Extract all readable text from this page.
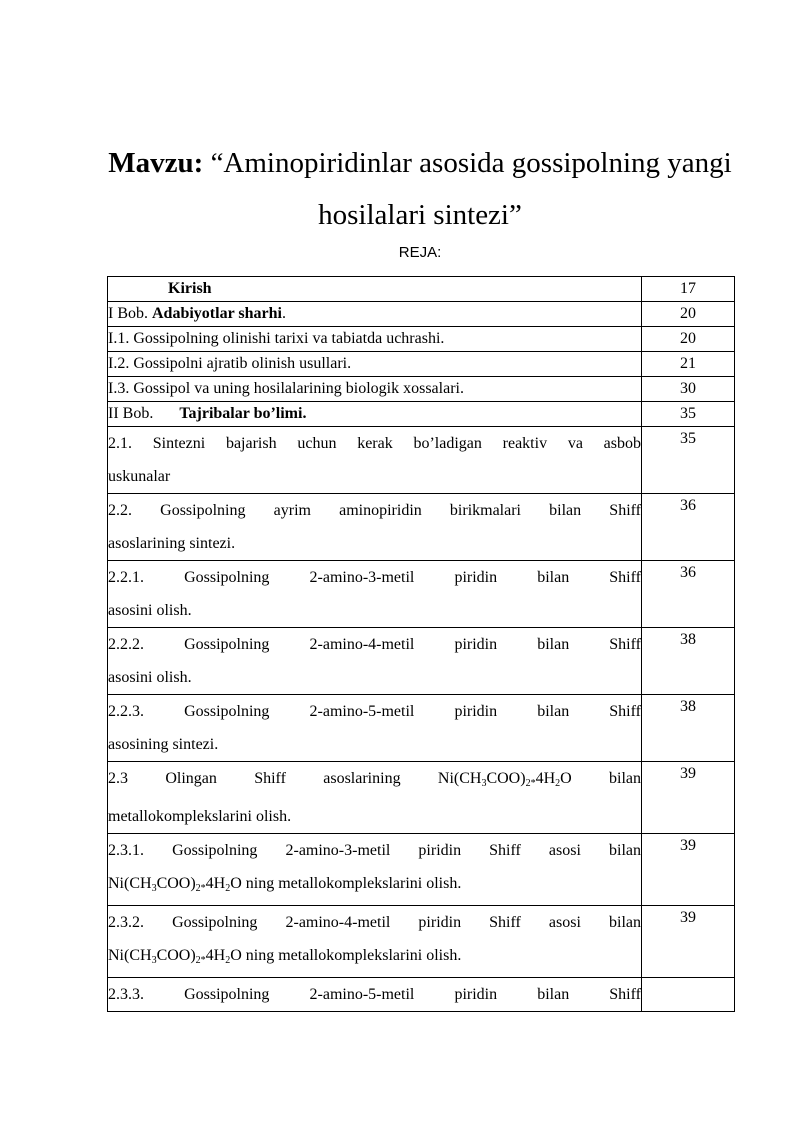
Mavzu: “Aminopiridinlar asosida gossipolning yangi hosilalari sintezi”
REJA:
Kirish	17
I Bob. Adabiyotlar sharhi.	20
I.1. Gossipolning olinishi tarixi va tabiatda uchrashi.	20
I.2. Gossipolni ajratib olinish usullari.	21
I.3. Gossipol va uning hosilalarining biologik xossalari.	30
II Bob. Tajribalar bo’limi.	35

2.1. Sintezni bajarish uchun kerak bo’ladigan reaktiv va asbob
uskunalar	35

2.2. Gossipolning ayrim aminopiridin birikmalari bilan Shiff
asoslarining sintezi.	36

2.2.1. Gossipolning 2-amino-3-metil piridin bilan Shiff
asosini olish.	36

2.2.2. Gossipolning 2-amino-4-metil piridin bilan Shiff
asosini olish.	38

2.2.3. Gossipolning 2-amino-5-metil piridin bilan Shiff
asosining sintezi.	38

2.3 Olingan Shiff asoslarining $Ni(CH_3COO)_2*4H_2O$ bilan
metallokomplekslarini olish.	39

2.3.1. Gossipolning 2-amino-3-metil piridin Shiff asosi bilan
$Ni(CH_3COO)_2*4H_2O$ ning metallokomplekslarini olish.	39

2.3.2. Gossipolning 2-amino-4-metil piridin Shiff asosi bilan
$Ni(CH_3COO)_2*4H_2O$ ning metallokomplekslarini olish.	39

2.3.3. Gossipolning 2-amino-5-metil piridin bilan Shiff	
